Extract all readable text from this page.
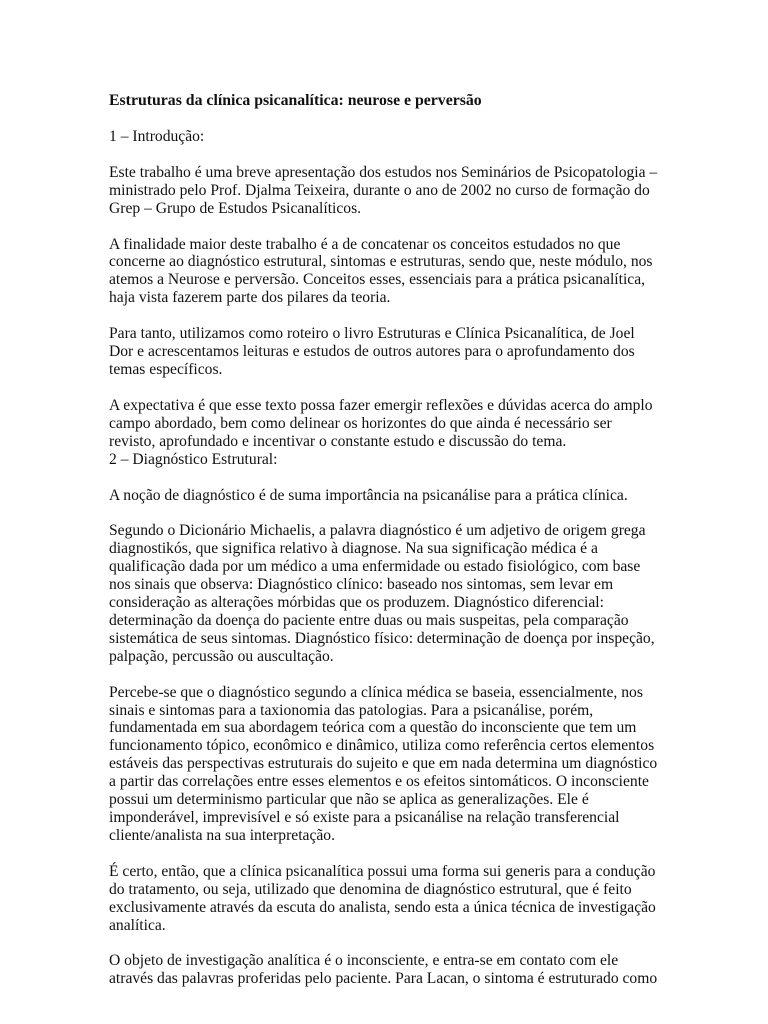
Estruturas da clínica psicanalítica: neurose e perversão
1 – Introdução:
Este trabalho é uma breve apresentação dos estudos nos Seminários de Psicopatologia – ministrado pelo Prof. Djalma Teixeira, durante o ano de 2002 no curso de formação do Grep – Grupo de Estudos Psicanalíticos.
A finalidade maior deste trabalho é a de concatenar os conceitos estudados no que concerne ao diagnóstico estrutural, sintomas e estruturas, sendo que, neste módulo, nos atemos a Neurose e perversão. Conceitos esses, essenciais para a prática psicanalítica, haja vista fazerem parte dos pilares da teoria.
Para tanto, utilizamos como roteiro o livro Estruturas e Clínica Psicanalítica, de Joel Dor e acrescentamos leituras e estudos de outros autores para o aprofundamento dos temas específicos.
A expectativa é que esse texto possa fazer emergir reflexões e dúvidas acerca do amplo campo abordado, bem como delinear os horizontes do que ainda é necessário ser revisto, aprofundado e incentivar o constante estudo e discussão do tema.
2 – Diagnóstico Estrutural:
A noção de diagnóstico é de suma importância na psicanálise para a prática clínica.
Segundo o Dicionário Michaelis, a palavra diagnóstico é um adjetivo de origem grega diagnostikós, que significa relativo à diagnose. Na sua significação médica é a qualificação dada por um médico a uma enfermidade ou estado fisiológico, com base nos sinais que observa: Diagnóstico clínico: baseado nos sintomas, sem levar em consideração as alterações mórbidas que os produzem. Diagnóstico diferencial: determinação da doença do paciente entre duas ou mais suspeitas, pela comparação sistemática de seus sintomas. Diagnóstico físico: determinação de doença por inspeção, palpação, percussão ou auscultação.
Percebe-se que o diagnóstico segundo a clínica médica se baseia, essencialmente, nos sinais e sintomas para a taxionomia das patologias. Para a psicanálise, porém, fundamentada em sua abordagem teórica com a questão do inconsciente que tem um funcionamento tópico, econômico e dinâmico, utiliza como referência certos elementos estáveis das perspectivas estruturais do sujeito e que em nada determina um diagnóstico a partir das correlações entre esses elementos e os efeitos sintomáticos. O inconsciente possui um determinismo particular que não se aplica as generalizações. Ele é imponderável, imprevisível e só existe para a psicanálise na relação transferencial cliente/analista na sua interpretação.
É certo, então, que a clínica psicanalítica possui uma forma sui generis para a condução do tratamento, ou seja, utilizado que denomina de diagnóstico estrutural, que é feito exclusivamente através da escuta do analista, sendo esta a única técnica de investigação analítica.
O objeto de investigação analítica é o inconsciente, e entra-se em contato com ele através das palavras proferidas pelo paciente. Para Lacan, o sintoma é estruturado como
